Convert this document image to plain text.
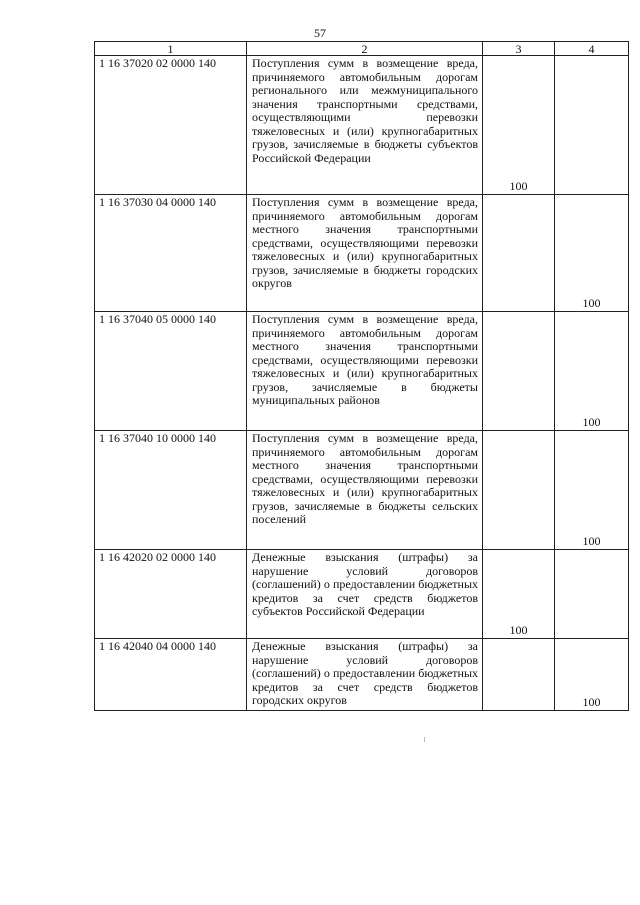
57
1	2	3	4
1 16 37020 02 0000 140	Поступления сумм в возмещение вреда, причиняемого автомобильным дорогам регионального или межмуниципального значения транспортными средствами, осуществляющими перевозки тяжеловесных и (или) крупногабаритных грузов, зачисляемые в бюджеты субъектов Российской Федерации	100	
1 16 37030 04 0000 140	Поступления сумм в возмещение вреда, причиняемого автомобильным дорогам местного значения транспортными средствами, осуществляющими перевозки тяжеловесных и (или) крупногабаритных грузов, зачисляемые в бюджеты городских округов		100
1 16 37040 05 0000 140	Поступления сумм в возмещение вреда, причиняемого автомобильным дорогам местного значения транспортными средствами, осуществляющими перевозки тяжеловесных и (или) крупногабаритных грузов, зачисляемые в бюджеты муниципальных районов		100
1 16 37040 10 0000 140	Поступления сумм в возмещение вреда, причиняемого автомобильным дорогам местного значения транспортными средствами, осуществляющими перевозки тяжеловесных и (или) крупногабаритных грузов, зачисляемые в бюджеты сельских поселений		100
1 16 42020 02 0000 140	Денежные взыскания (штрафы) за нарушение условий договоров (соглашений) о предоставлении бюджетных кредитов за счет средств бюджетов субъектов Российской Федерации	100	
1 16 42040 04 0000 140	Денежные взыскания (штрафы) за нарушение условий договоров (соглашений) о предоставлении бюджетных кредитов за счет средств бюджетов городских округов		100
